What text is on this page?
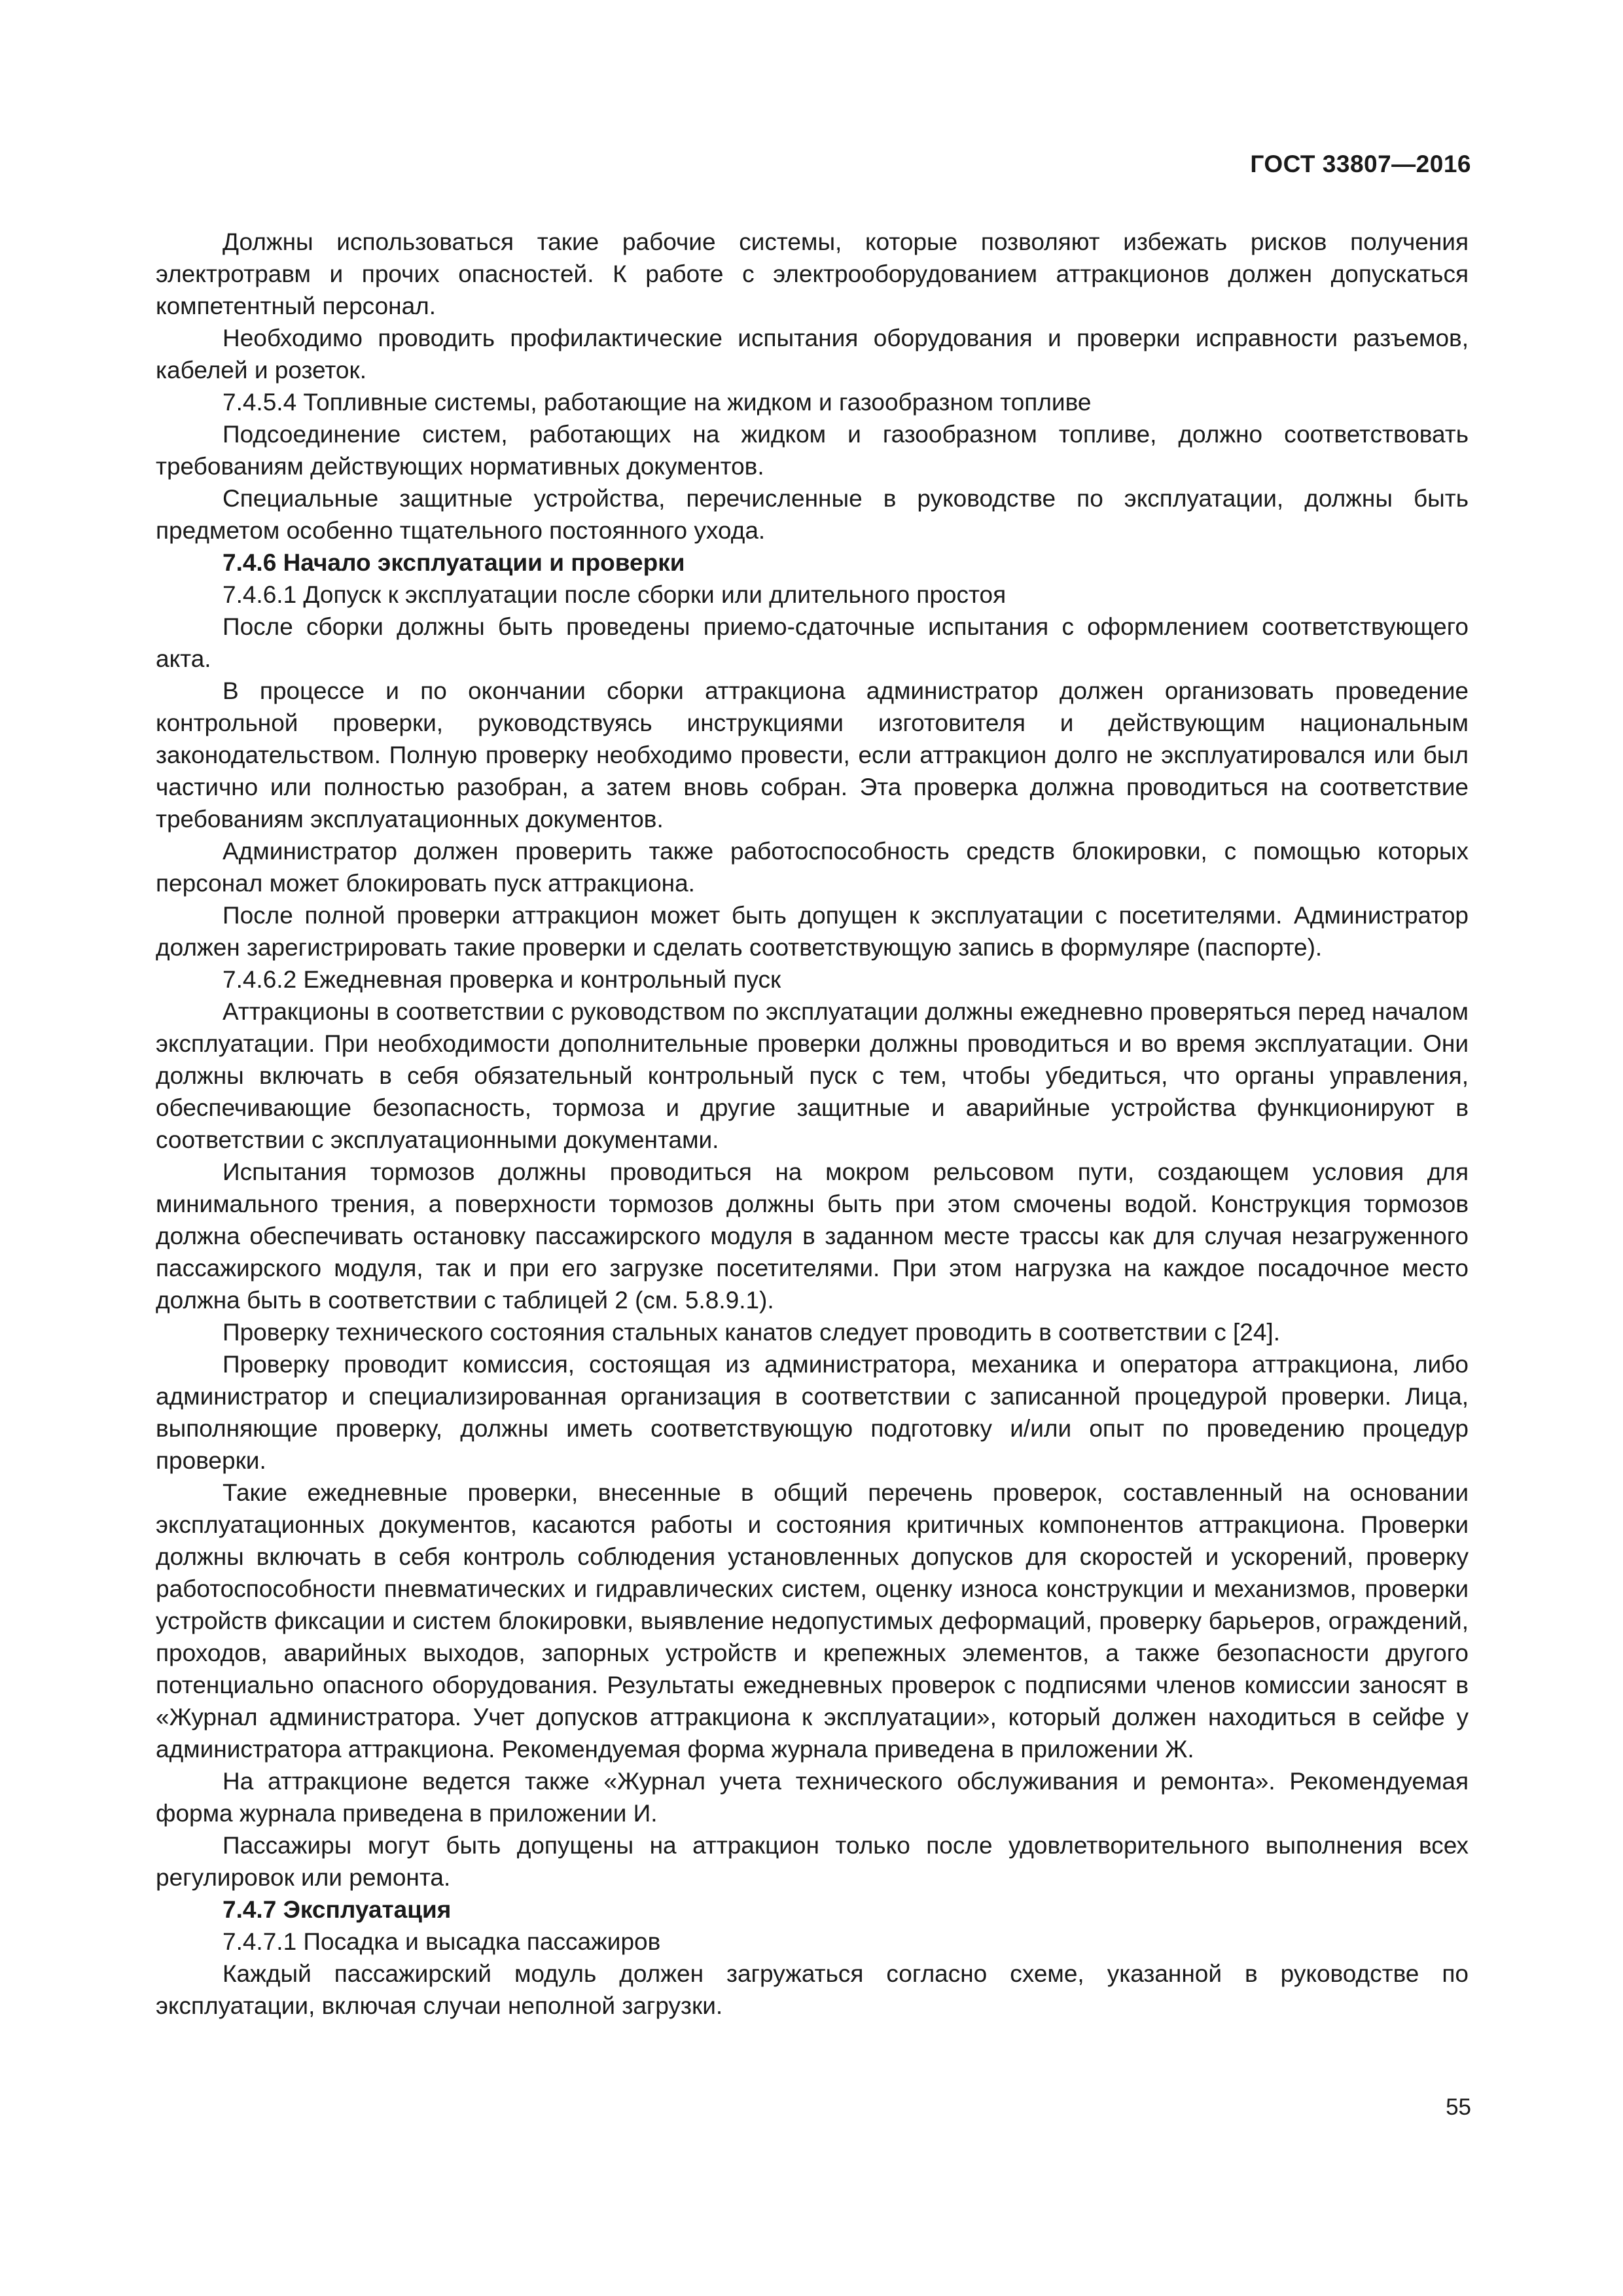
ГОСТ 33807—2016

Должны использоваться такие рабочие системы, которые позволяют избежать рисков получения электротравм и прочих опасностей. К работе с электрооборудованием аттракционов должен допускаться компетентный персонал.

Необходимо проводить профилактические испытания оборудования и проверки исправности разъемов, кабелей и розеток.

7.4.5.4 Топливные системы, работающие на жидком и газообразном топливе

Подсоединение систем, работающих на жидком и газообразном топливе, должно соответствовать требованиям действующих нормативных документов.

Специальные защитные устройства, перечисленные в руководстве по эксплуатации, должны быть предметом особенно тщательного постоянного ухода.

7.4.6 Начало эксплуатации и проверки

7.4.6.1 Допуск к эксплуатации после сборки или длительного простоя

После сборки должны быть проведены приемо-сдаточные испытания с оформлением соответствующего акта.

В процессе и по окончании сборки аттракциона администратор должен организовать проведение контрольной проверки, руководствуясь инструкциями изготовителя и действующим национальным законодательством. Полную проверку необходимо провести, если аттракцион долго не эксплуатировался или был частично или полностью разобран, а затем вновь собран. Эта проверка должна проводиться на соответствие требованиям эксплуатационных документов.

Администратор должен проверить также работоспособность средств блокировки, с помощью которых персонал может блокировать пуск аттракциона.

После полной проверки аттракцион может быть допущен к эксплуатации с посетителями. Администратор должен зарегистрировать такие проверки и сделать соответствующую запись в формуляре (паспорте).

7.4.6.2 Ежедневная проверка и контрольный пуск

Аттракционы в соответствии с руководством по эксплуатации должны ежедневно проверяться перед началом эксплуатации. При необходимости дополнительные проверки должны проводиться и во время эксплуатации. Они должны включать в себя обязательный контрольный пуск с тем, чтобы убедиться, что органы управления, обеспечивающие безопасность, тормоза и другие защитные и аварийные устройства функционируют в соответствии с эксплуатационными документами.

Испытания тормозов должны проводиться на мокром рельсовом пути, создающем условия для минимального трения, а поверхности тормозов должны быть при этом смочены водой. Конструкция тормозов должна обеспечивать остановку пассажирского модуля в заданном месте трассы как для случая незагруженного пассажирского модуля, так и при его загрузке посетителями. При этом нагрузка на каждое посадочное место должна быть в соответствии с таблицей 2 (см. 5.8.9.1).

Проверку технического состояния стальных канатов следует проводить в соответствии с [24].

Проверку проводит комиссия, состоящая из администратора, механика и оператора аттракциона, либо администратор и специализированная организация в соответствии с записанной процедурой проверки. Лица, выполняющие проверку, должны иметь соответствующую подготовку и/или опыт по проведению процедур проверки.

Такие ежедневные проверки, внесенные в общий перечень проверок, составленный на основании эксплуатационных документов, касаются работы и состояния критичных компонентов аттракциона. Проверки должны включать в себя контроль соблюдения установленных допусков для скоростей и ускорений, проверку работоспособности пневматических и гидравлических систем, оценку износа конструкции и механизмов, проверки устройств фиксации и систем блокировки, выявление недопустимых деформаций, проверку барьеров, ограждений, проходов, аварийных выходов, запорных устройств и крепежных элементов, а также безопасности другого потенциально опасного оборудования. Результаты ежедневных проверок с подписями членов комиссии заносят в «Журнал администратора. Учет допусков аттракциона к эксплуатации», который должен находиться в сейфе у администратора аттракциона. Рекомендуемая форма журнала приведена в приложении Ж.

На аттракционе ведется также «Журнал учета технического обслуживания и ремонта». Рекомендуемая форма журнала приведена в приложении И.

Пассажиры могут быть допущены на аттракцион только после удовлетворительного выполнения всех регулировок или ремонта.

7.4.7 Эксплуатация

7.4.7.1 Посадка и высадка пассажиров

Каждый пассажирский модуль должен загружаться согласно схеме, указанной в руководстве по эксплуатации, включая случаи неполной загрузки.

55
